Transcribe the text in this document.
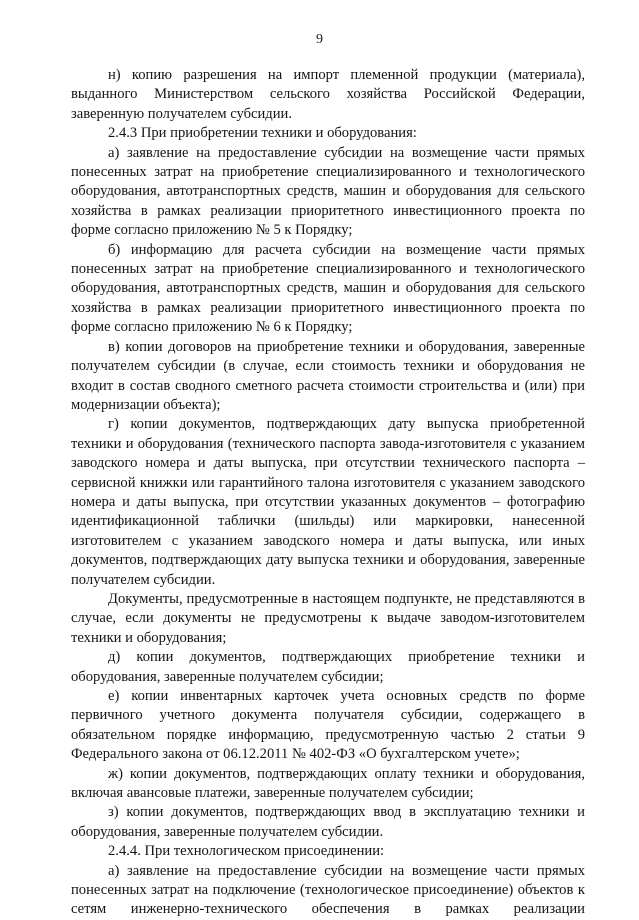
9

н) копию разрешения на импорт племенной продукции (материала), выданного Министерством сельского хозяйства Российской Федерации, заверенную получателем субсидии.

2.4.3 При приобретении техники и оборудования:

а) заявление на предоставление субсидии на возмещение части прямых понесенных затрат на приобретение специализированного и технологического оборудования, автотранспортных средств, машин и оборудования для сельского хозяйства в рамках реализации приоритетного инвестиционного проекта по форме согласно приложению № 5 к Порядку;

б) информацию для расчета субсидии на возмещение части прямых понесенных затрат на приобретение специализированного и технологического оборудования, автотранспортных средств, машин и оборудования для сельского хозяйства в рамках реализации приоритетного инвестиционного проекта по форме согласно приложению № 6 к Порядку;

в) копии договоров на приобретение техники и оборудования, заверенные получателем субсидии (в случае, если стоимость техники и оборудования не входит в состав сводного сметного расчета стоимости строительства и (или) при модернизации объекта);

г) копии документов, подтверждающих дату выпуска приобретенной техники и оборудования (технического паспорта завода-изготовителя с указанием заводского номера и даты выпуска, при отсутствии технического паспорта – сервисной книжки или гарантийного талона изготовителя с указанием заводского номера и даты выпуска, при отсутствии указанных документов – фотографию идентификационной таблички (шильды) или маркировки, нанесенной изготовителем с указанием заводского номера и даты выпуска, или иных документов, подтверждающих дату выпуска техники и оборудования, заверенные получателем субсидии.

Документы, предусмотренные в настоящем подпункте, не представляются в случае, если документы не предусмотрены к выдаче заводом-изготовителем техники и оборудования;

д) копии документов, подтверждающих приобретение техники и оборудования, заверенные получателем субсидии;

е) копии инвентарных карточек учета основных средств по форме первичного учетного документа получателя субсидии, содержащего в обязательном порядке информацию, предусмотренную частью 2 статьи 9 Федерального закона от 06.12.2011 № 402-ФЗ «О бухгалтерском учете»;

ж) копии документов, подтверждающих оплату техники и оборудования, включая авансовые платежи, заверенные получателем субсидии;

з) копии документов, подтверждающих ввод в эксплуатацию техники и оборудования, заверенные получателем субсидии.

2.4.4. При технологическом присоединении:

а) заявление на предоставление субсидии на возмещение части прямых понесенных затрат на подключение (технологическое присоединение) объектов к сетям инженерно-технического обеспечения в рамках реализации
